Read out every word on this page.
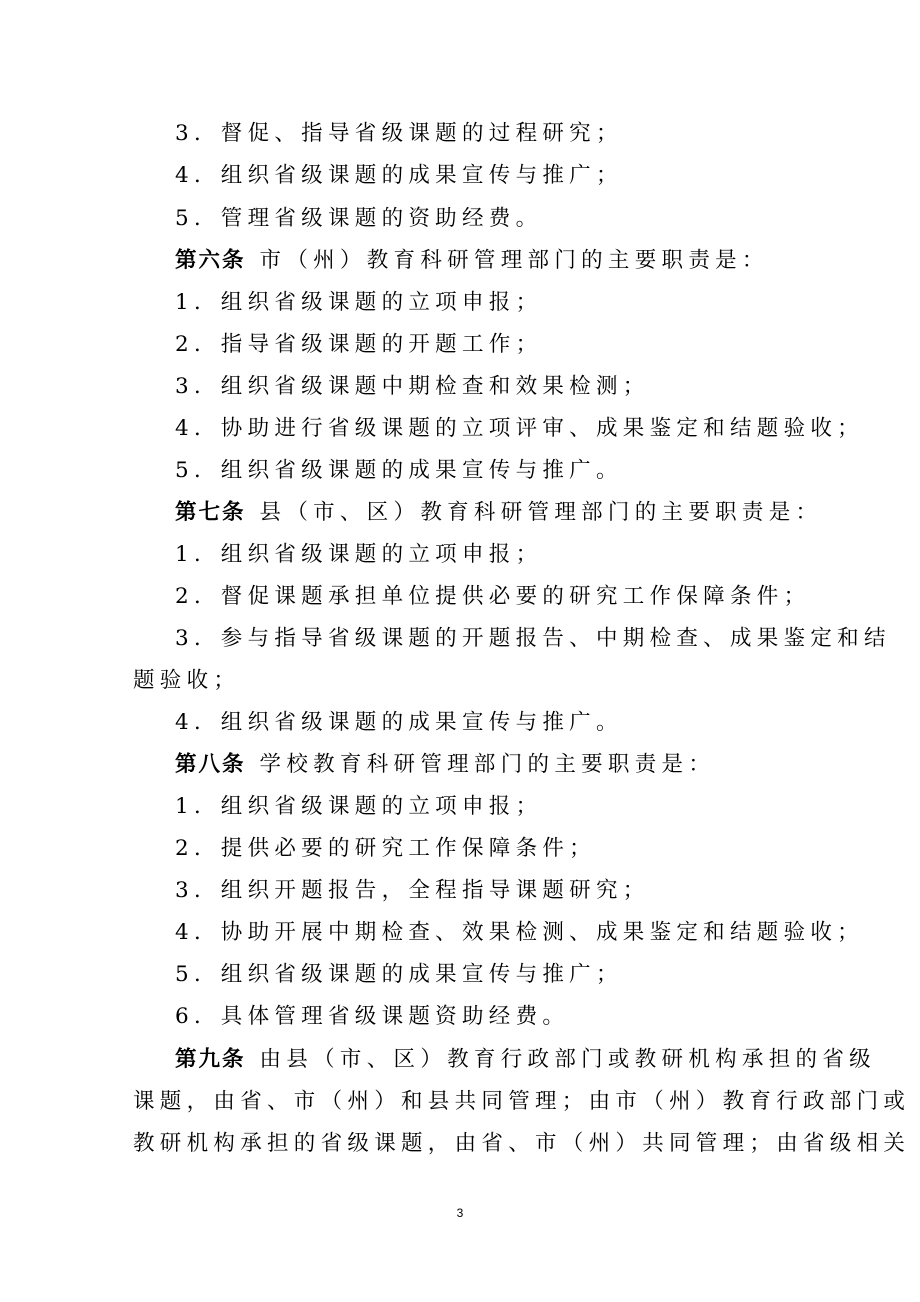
3．督促、指导省级课题的过程研究；
4．组织省级课题的成果宣传与推广；
5．管理省级课题的资助经费。
第六条 市（州）教育科研管理部门的主要职责是：
1．组织省级课题的立项申报；
2．指导省级课题的开题工作；
3．组织省级课题中期检查和效果检测；
4．协助进行省级课题的立项评审、成果鉴定和结题验收；
5．组织省级课题的成果宣传与推广。
第七条 县（市、区）教育科研管理部门的主要职责是：
1．组织省级课题的立项申报；
2．督促课题承担单位提供必要的研究工作保障条件；
3．参与指导省级课题的开题报告、中期检查、成果鉴定和结
题验收；
4．组织省级课题的成果宣传与推广。
第八条 学校教育科研管理部门的主要职责是：
1．组织省级课题的立项申报；
2．提供必要的研究工作保障条件；
3．组织开题报告，全程指导课题研究；
4．协助开展中期检查、效果检测、成果鉴定和结题验收；
5．组织省级课题的成果宣传与推广；
6．具体管理省级课题资助经费。
第九条 由县（市、区）教育行政部门或教研机构承担的省级
课题，由省、市（州）和县共同管理；由市（州）教育行政部门或
教研机构承担的省级课题，由省、市（州）共同管理；由省级相关
3
